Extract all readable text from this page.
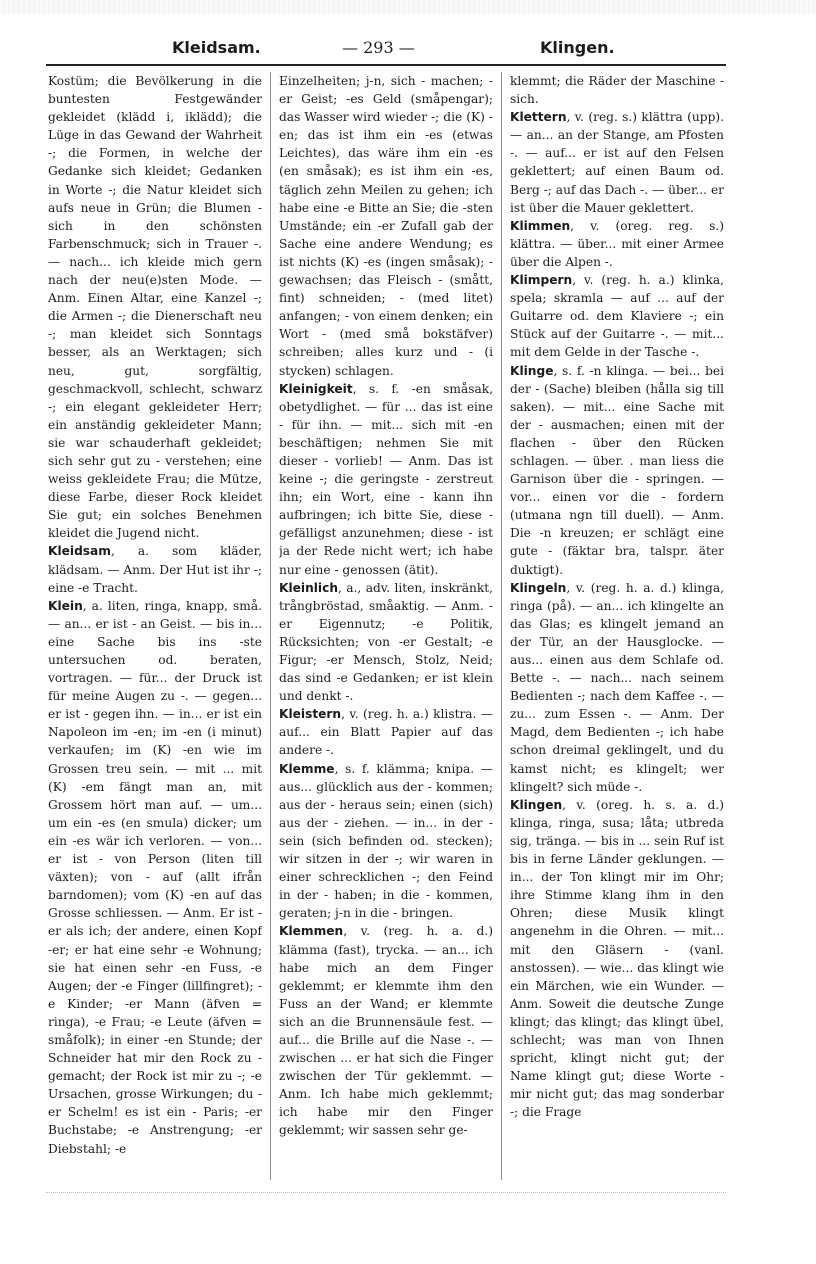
Kleidsam.	— 293 —	Klingen.

Kostüm; die Bevölkerung in die buntesten Festgewänder gekleidet (klädd i, iklädd); die Lüge in das Gewand der Wahrheit -; die Formen, in welche der Gedanke sich kleidet; Gedanken in Worte -; die Natur kleidet sich aufs neue in Grün; die Blumen - sich in den schönsten Farbenschmuck; sich in Trauer -. — nach... ich kleide mich gern nach der neu(e)sten Mode. — Anm. Einen Altar, eine Kanzel -; die Armen -; die Dienerschaft neu -; man kleidet sich Sonntags besser, als an Werktagen; sich neu, gut, sorgfältig, geschmackvoll, schlecht, schwarz -; ein elegant gekleideter Herr; ein anständig gekleideter Mann; sie war schauderhaft gekleidet; sich sehr gut zu - verstehen; eine weiss gekleidete Frau; die Mütze, diese Farbe, dieser Rock kleidet Sie gut; ein solches Benehmen kleidet die Jugend nicht.

Kleidsam, a. som kläder, klädsam. — Anm. Der Hut ist ihr -; eine -e Tracht.

Klein, a. liten, ringa, knapp, små. — an... er ist - an Geist. — bis in... eine Sache bis ins -ste untersuchen od. beraten, vortragen. — für... der Druck ist für meine Augen zu -. — gegen... er ist - gegen ihn. — in... er ist ein Napoleon im -en; im -en (i minut) verkaufen; im (K) -en wie im Grossen treu sein. — mit ... mit (K) -em fängt man an, mit Grossem hört man auf. — um... um ein -es (en smula) dicker; um ein -es wär ich verloren. — von... er ist - von Person (liten till växten); von - auf (allt ifrån barndomen); vom (K) -en auf das Grosse schliessen. — Anm. Er ist -er als ich; der andere, einen Kopf -er; er hat eine sehr -e Wohnung; sie hat einen sehr -en Fuss, -e Augen; der -e Finger (lillfingret); -e Kinder; -er Mann (äfven = ringa), -e Frau; -e Leute (äfven = småfolk); in einer -en Stunde; der Schneider hat mir den Rock zu - gemacht; der Rock ist mir zu -; -e Ursachen, grosse Wirkungen; du -er Schelm! es ist ein - Paris; -er Buchstabe; -e Anstrengung; -er Diebstahl; -e

Einzelheiten; j-n, sich - machen; -er Geist; -es Geld (småpengar); das Wasser wird wieder -; die (K) -en; das ist ihm ein -es (etwas Leichtes), das wäre ihm ein -es (en småsak); es ist ihm ein -es, täglich zehn Meilen zu gehen; ich habe eine -e Bitte an Sie; die -sten Umstände; ein -er Zufall gab der Sache eine andere Wendung; es ist nichts (K) -es (ingen småsak); - gewachsen; das Fleisch - (smått, fint) schneiden; - (med litet) anfangen; - von einem denken; ein Wort - (med små bokstäfver) schreiben; alles kurz und - (i stycken) schlagen.

Kleinigkeit, s. f. -en småsak, obetydlighet. — für ... das ist eine - für ihn. — mit... sich mit -en beschäftigen; nehmen Sie mit dieser - vorlieb! — Anm. Das ist keine -; die geringste - zerstreut ihn; ein Wort, eine - kann ihn aufbringen; ich bitte Sie, diese - gefälligst anzunehmen; diese - ist ja der Rede nicht wert; ich habe nur eine - genossen (ätit).

Kleinlich, a., adv. liten, inskränkt, trångbröstad, småaktig. — Anm. -er Eigennutz; -e Politik, Rücksichten; von -er Gestalt; -e Figur; -er Mensch, Stolz, Neid; das sind -e Gedanken; er ist klein und denkt -.

Kleistern, v. (reg. h. a.) klistra. — auf... ein Blatt Papier auf das andere -.

Klemme, s. f. klämma; knipa. — aus... glücklich aus der - kommen; aus der - heraus sein; einen (sich) aus der - ziehen. — in... in der - sein (sich befinden od. stecken); wir sitzen in der -; wir waren in einer schrecklichen -; den Feind in der - haben; in die - kommen, geraten; j-n in die - bringen.

Klemmen, v. (reg. h. a. d.) klämma (fast), trycka. — an... ich habe mich an dem Finger geklemmt; er klemmte ihm den Fuss an der Wand; er klemmte sich an die Brunnensäule fest. — auf... die Brille auf die Nase -. — zwischen ... er hat sich die Finger zwischen der Tür geklemmt. — Anm. Ich habe mich geklemmt; ich habe mir den Finger geklemmt; wir sassen sehr ge-

klemmt; die Räder der Maschine - sich.

Klettern, v. (reg. s.) klättra (upp). — an... an der Stange, am Pfosten -. — auf... er ist auf den Felsen geklettert; auf einen Baum od. Berg -; auf das Dach -. — über... er ist über die Mauer geklettert.

Klimmen, v. (oreg. reg. s.) klättra. — über... mit einer Armee über die Alpen -.

Klimpern, v. (reg. h. a.) klinka, spela; skramla — auf ... auf der Guitarre od. dem Klaviere -; ein Stück auf der Guitarre -. — mit... mit dem Gelde in der Tasche -.

Klinge, s. f. -n klinga. — bei... bei der - (Sache) bleiben (hålla sig till saken). — mit... eine Sache mit der - ausmachen; einen mit der flachen - über den Rücken schlagen. — über. . man liess die Garnison über die - springen. — vor... einen vor die - fordern (utmana ngn till duell). — Anm. Die -n kreuzen; er schlägt eine gute - (fäktar bra, talspr. äter duktigt).

Klingeln, v. (reg. h. a. d.) klinga, ringa (på). — an... ich klingelte an das Glas; es klingelt jemand an der Tür, an der Hausglocke. — aus... einen aus dem Schlafe od. Bette -. — nach... nach seinem Bedienten -; nach dem Kaffee -. — zu... zum Essen -. — Anm. Der Magd, dem Bedienten -; ich habe schon dreimal geklingelt, und du kamst nicht; es klingelt; wer klingelt? sich müde -.

Klingen, v. (oreg. h. s. a. d.) klinga, ringa, susa; låta; utbreda sig, tränga. — bis in ... sein Ruf ist bis in ferne Länder geklungen. — in... der Ton klingt mir im Ohr; ihre Stimme klang ihm in den Ohren; diese Musik klingt angenehm in die Ohren. — mit... mit den Gläsern - (vanl. anstossen). — wie... das klingt wie ein Märchen, wie ein Wunder. — Anm. Soweit die deutsche Zunge klingt; das klingt; das klingt übel, schlecht; was man von Ihnen spricht, klingt nicht gut; der Name klingt gut; diese Worte - mir nicht gut; das mag sonderbar -; die Frage
